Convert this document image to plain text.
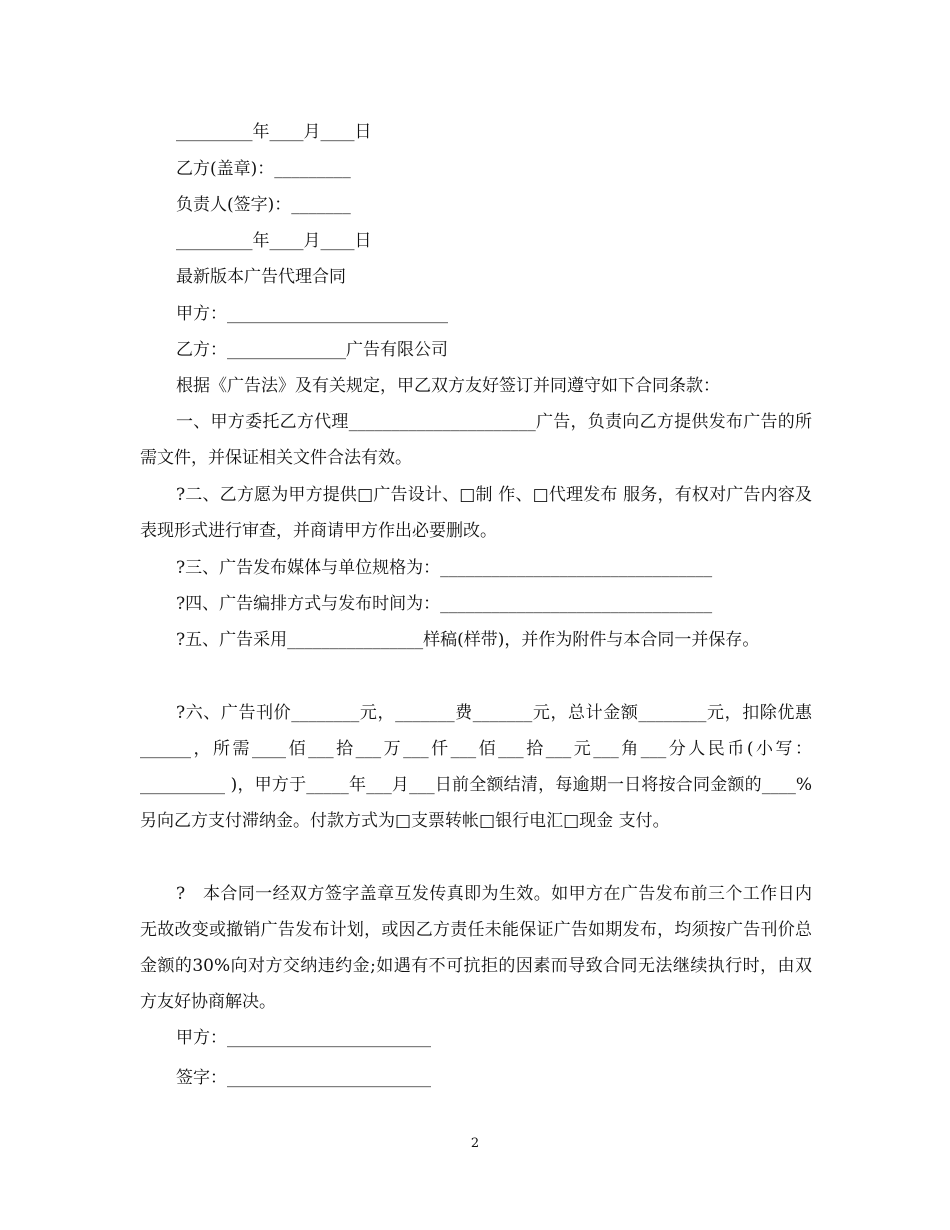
_________年____月____日
乙方(盖章)：_________
负责人(签字)：_______
_________年____月____日
最新版本广告代理合同
甲方：__________________________
乙方：______________广告有限公司
根据《广告法》及有关规定，甲乙双方友好签订并同遵守如下合同条款：
一、甲方委托乙方代理______________________广告，负责向乙方提供发布广告的所需文件，并保证相关文件合法有效。
?二、乙方愿为甲方提供□广告设计、□制 作、□代理发布 服务，有权对广告内容及表现形式进行审查，并商请甲方作出必要删改。
?三、广告发布媒体与单位规格为：________________________________
?四、广告编排方式与发布时间为：________________________________
?五、广告采用________________样稿(样带)，并作为附件与本合同一并保存。
?六、广告刊价________元，_______费_______元，总计金额________元，扣除优惠______，所需____佰___拾___万___仟___佰___拾___元___角___分人民币(小写：__________ )，甲方于_____年___月___日前全额结清，每逾期一日将按合同金额的____%另向乙方支付滞纳金。付款方式为□支票转帐□银行电汇□现金 支付。
?　本合同一经双方签字盖章互发传真即为生效。如甲方在广告发布前三个工作日内无故改变或撤销广告发布计划，或因乙方责任未能保证广告如期发布，均须按广告刊价总金额的30%向对方交纳违约金;如遇有不可抗拒的因素而导致合同无法继续执行时，由双方友好协商解决。
甲方：________________________
签字：________________________
2
